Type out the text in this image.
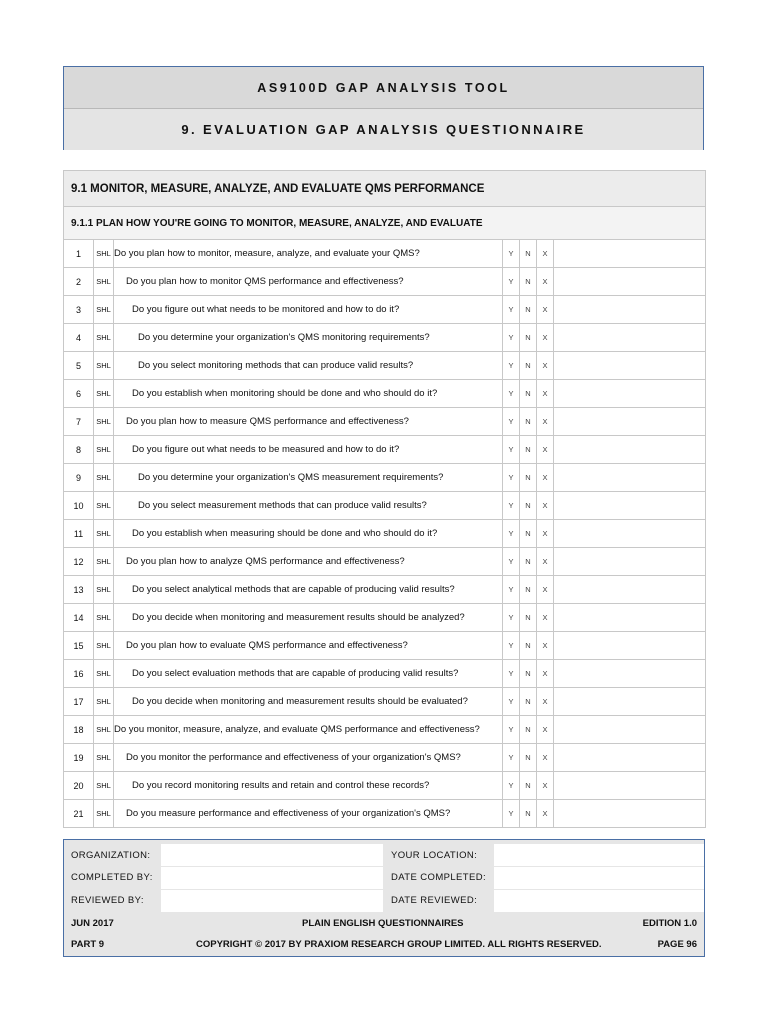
AS9100D GAP ANALYSIS TOOL
9. EVALUATION GAP ANALYSIS QUESTIONNAIRE
9.1 MONITOR, MEASURE, ANALYZE, AND EVALUATE QMS PERFORMANCE						
9.1.1 PLAN HOW YOU'RE GOING TO MONITOR, MEASURE, ANALYZE, AND EVALUATE						
1	SHL	Do you plan how to monitor, measure, analyze, and evaluate your QMS?	Y	N	X	
2	SHL	Do you plan how to monitor QMS performance and effectiveness?	Y	N	X	
3	SHL	Do you figure out what needs to be monitored and how to do it?	Y	N	X	
4	SHL	Do you determine your organization's QMS monitoring requirements?	Y	N	X	
5	SHL	Do you select monitoring methods that can produce valid results?	Y	N	X	
6	SHL	Do you establish when monitoring should be done and who should do it?	Y	N	X	
7	SHL	Do you plan how to measure QMS performance and effectiveness?	Y	N	X	
8	SHL	Do you figure out what needs to be measured and how to do it?	Y	N	X	
9	SHL	Do you determine your organization's QMS measurement requirements?	Y	N	X	
10	SHL	Do you select measurement methods that can produce valid results?	Y	N	X	
11	SHL	Do you establish when measuring should be done and who should do it?	Y	N	X	
12	SHL	Do you plan how to analyze QMS performance and effectiveness?	Y	N	X	
13	SHL	Do you select analytical methods that are capable of producing valid results?	Y	N	X	
14	SHL	Do you decide when monitoring and measurement results should be analyzed?	Y	N	X	
15	SHL	Do you plan how to evaluate QMS performance and effectiveness?	Y	N	X	
16	SHL	Do you select evaluation methods that are capable of producing valid results?	Y	N	X	
17	SHL	Do you decide when monitoring and measurement results should be evaluated?	Y	N	X	
18	SHL	Do you monitor, measure, analyze, and evaluate QMS performance and effectiveness?	Y	N	X	
19	SHL	Do you monitor the performance and effectiveness of your organization's QMS?	Y	N	X	
20	SHL	Do you record monitoring results and retain and control these records?	Y	N	X	
21	SHL	Do you measure performance and effectiveness of your organization's QMS?	Y	N	X	
ORGANIZATION:	YOUR LOCATION:
COMPLETED BY:	DATE COMPLETED:
REVIEWED BY:	DATE REVIEWED:
JUN 2017	PLAIN ENGLISH QUESTIONNAIRES	EDITION 1.0
PART 9	COPYRIGHT © 2017 BY PRAXIOM RESEARCH GROUP LIMITED. ALL RIGHTS RESERVED.	PAGE 96
